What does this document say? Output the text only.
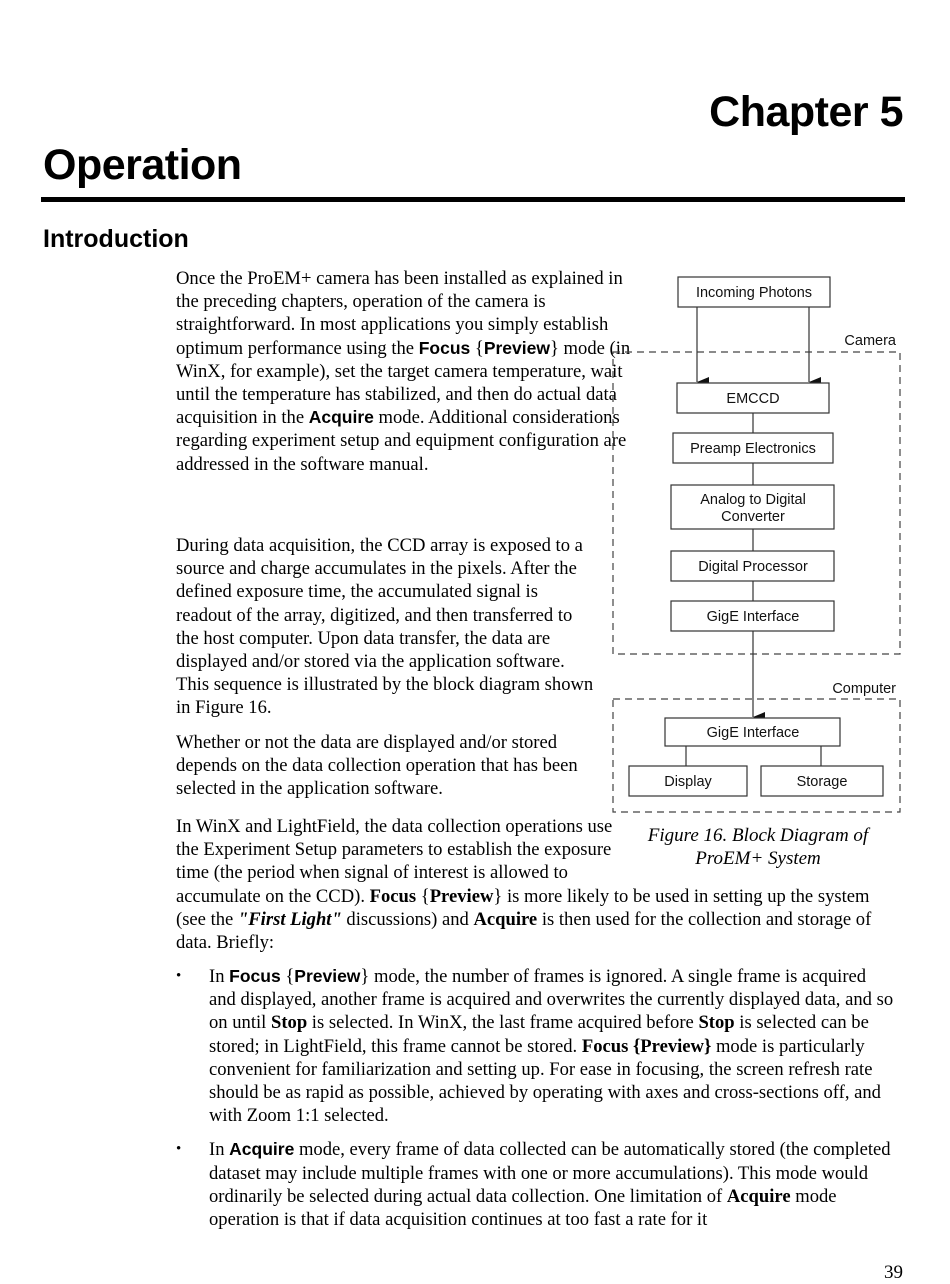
Chapter 5
Operation
Introduction

Once the ProEM+ camera has been installed as explained in the preceding chapters, operation of the camera is straightforward. In most applications you simply establish optimum performance using the Focus {Preview} mode (in WinX, for example), set the target camera temperature, wait until the temperature has stabilized, and then do actual data acquisition in the Acquire mode. Additional considerations regarding experiment setup and equipment configuration are addressed in the software manual.

During data acquisition, the CCD array is exposed to a source and charge accumulates in the pixels. After the defined exposure time, the accumulated signal is readout of the array, digitized, and then transferred to the host computer. Upon data transfer, the data are displayed and/or stored via the application software. This sequence is illustrated by the block diagram shown in Figure 16.

Whether or not the data are displayed and/or stored depends on the data collection operation that has been selected in the application software.

In WinX and LightField, the data collection operations use the Experiment Setup parameters to establish the exposure time (the period when signal of interest is allowed to accumulate on the CCD). Focus {Preview} is more likely to be used in setting up the system (see the "First Light" discussions) and Acquire is then used for the collection and storage of data. Briefly:
• In Focus {Preview} mode, the number of frames is ignored. A single frame is acquired and displayed, another frame is acquired and overwrites the currently displayed data, and so on until Stop is selected. In WinX, the last frame acquired before Stop is selected can be stored; in LightField, this frame cannot be stored. Focus {Preview} mode is particularly convenient for familiarization and setting up. For ease in focusing, the screen refresh rate should be as rapid as possible, achieved by operating with axes and cross-sections off, and with Zoom 1:1 selected.
• In Acquire mode, every frame of data collected can be automatically stored (the completed dataset may include multiple frames with one or more accumulations). This mode would ordinarily be selected during actual data collection. One limitation of Acquire mode operation is that if data acquisition continues at too fast a rate for it
Camera
Computer
Incoming Photons
EMCCD
Preamp Electronics
Analog to Digital
Converter
Digital Processor
GigE Interface
GigE Interface
Display	Storage
Figure 16. Block Diagram of
ProEM+ System
39
